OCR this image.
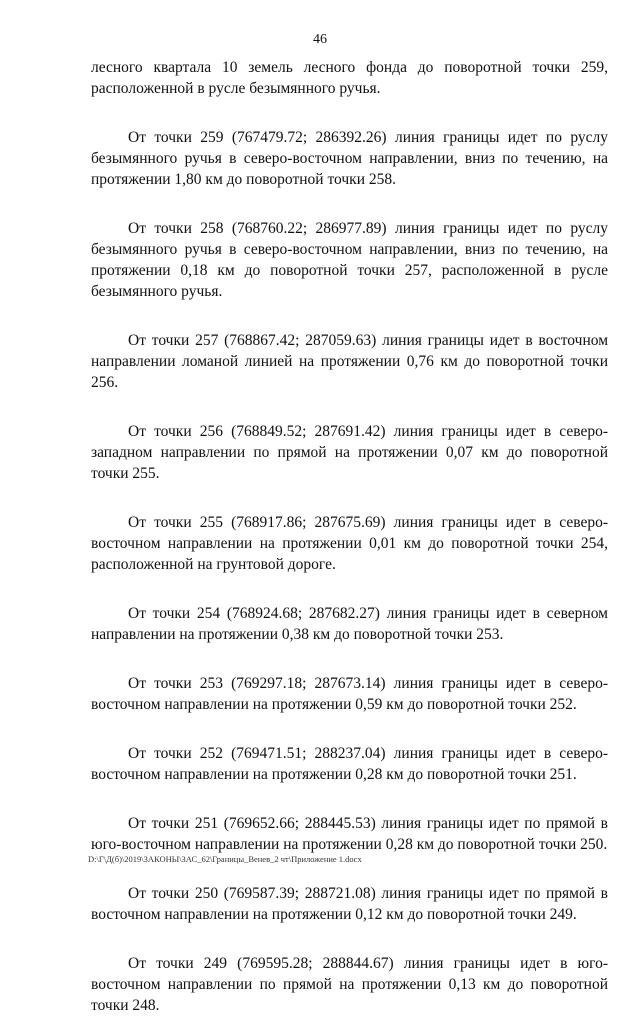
46

лесного квартала 10 земель лесного фонда до поворотной точки 259, расположенной в русле безымянного ручья.

От точки 259 (767479.72; 286392.26) линия границы идет по руслу безымянного ручья в северо-восточном направлении, вниз по течению, на протяжении 1,80 км до поворотной точки 258.

От точки 258 (768760.22; 286977.89) линия границы идет по руслу безымянного ручья в северо-восточном направлении, вниз по течению, на протяжении 0,18 км до поворотной точки 257, расположенной в русле безымянного ручья.

От точки 257 (768867.42; 287059.63) линия границы идет в восточном направлении ломаной линией на протяжении 0,76 км до поворотной точки 256.

От точки 256 (768849.52; 287691.42) линия границы идет в северо-западном направлении по прямой на протяжении 0,07 км до поворотной точки 255.

От точки 255 (768917.86; 287675.69) линия границы идет в северо-восточном направлении на протяжении 0,01 км до поворотной точки 254, расположенной на грунтовой дороге.

От точки 254 (768924.68; 287682.27) линия границы идет в северном направлении на протяжении 0,38 км до поворотной точки 253.

От точки 253 (769297.18; 287673.14) линия границы идет в северо-восточном направлении на протяжении 0,59 км до поворотной точки 252.

От точки 252 (769471.51; 288237.04) линия границы идет в северо-восточном направлении на протяжении 0,28 км до поворотной точки 251.

От точки 251 (769652.66; 288445.53) линия границы идет по прямой в юго-восточном направлении на протяжении 0,28 км до поворотной точки 250.

От точки 250 (769587.39; 288721.08) линия границы идет по прямой в восточном направлении на протяжении 0,12 км до поворотной точки 249.

От точки 249 (769595.28; 288844.67) линия границы идет в юго-восточном направлении по прямой на протяжении 0,13 км до поворотной точки 248.

D:\Г\Д(б)\2019\ЗАКОНЫ\ЗАС_62\Границы_Венев_2 чт\Приложение 1.docx
